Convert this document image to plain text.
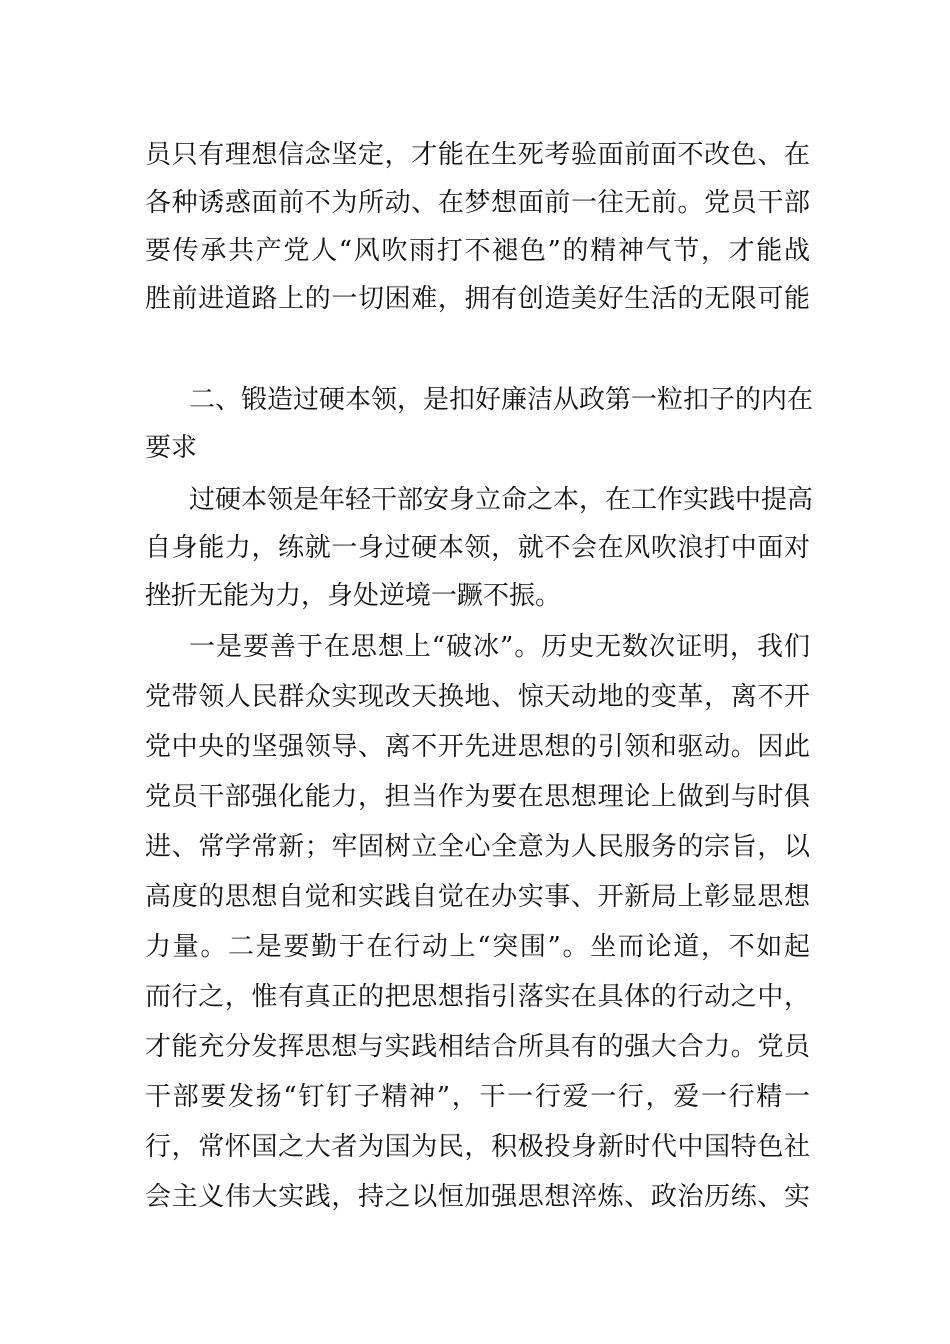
员只有理想信念坚定，才能在生死考验面前面不改色、在
各种诱惑面前不为所动、在梦想面前一往无前。党员干部
要传承共产党人“风吹雨打不褪色”的精神气节，才能战
胜前进道路上的一切困难，拥有创造美好生活的无限可能
二、锻造过硬本领，是扣好廉洁从政第一粒扣子的内在
要求
过硬本领是年轻干部安身立命之本，在工作实践中提高
自身能力，练就一身过硬本领，就不会在风吹浪打中面对
挫折无能为力，身处逆境一蹶不振。
一是要善于在思想上“破冰”。历史无数次证明，我们
党带领人民群众实现改天换地、惊天动地的变革，离不开
党中央的坚强领导、离不开先进思想的引领和驱动。因此
党员干部强化能力，担当作为要在思想理论上做到与时俱
进、常学常新；牢固树立全心全意为人民服务的宗旨，以
高度的思想自觉和实践自觉在办实事、开新局上彰显思想
力量。二是要勤于在行动上“突围”。坐而论道，不如起
而行之，惟有真正的把思想指引落实在具体的行动之中，
才能充分发挥思想与实践相结合所具有的强大合力。党员
干部要发扬“钉钉子精神”，干一行爱一行，爱一行精一
行，常怀国之大者为国为民，积极投身新时代中国特色社
会主义伟大实践，持之以恒加强思想淬炼、政治历练、实
